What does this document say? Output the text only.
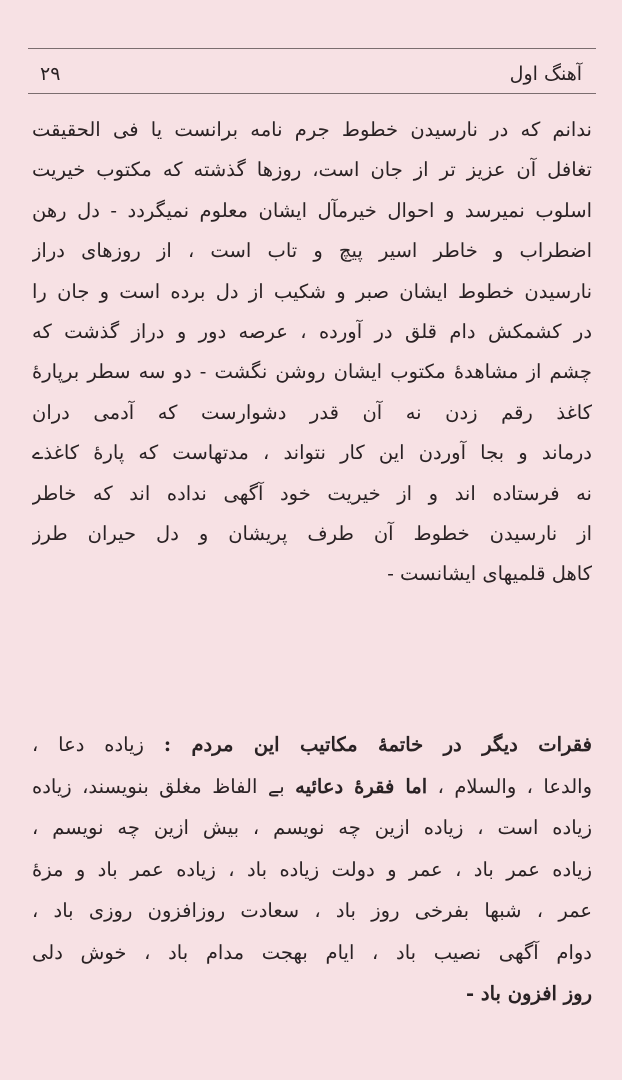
آهنگ اول
۲۹
ندانم که در نارسیدن خطوط جرم نامه برانست یا فی الحقیقت
تغافل آن عزیز تر از جان است، روزها گذشته که مکتوب خیریت
اسلوب نمیرسد و احوال خیرمآل ایشان معلوم نمیگردد - دل رهن
اضطراب و خاطر اسیر پیچ و تاب است ، از روزهای دراز
نارسیدن خطوط ایشان صبر و شکیب از دل برده است و جان را
در کشمکش دام قلق در آورده ، عرصه دور و دراز گذشت که
چشم از مشاهدهٔ مکتوب ایشان روشن نگشت - دو سه سطر برپارهٔ
کاغذ رقم زدن نه آن قدر دشوارست که آدمی دران
درماند و بجا آوردن این کار نتواند ، مدتهاست که پارهٔ کاغذے
نه فرستاده اند و از خیریت خود آگهی نداده اند که خاطر
از نارسیدن خطوط آن طرف پریشان و دل حیران طرز
کاهل قلمیهای ایشانست -
فقرات دیگر در خاتمهٔ مکاتیب این مردم : زیاده دعا ،
والدعا ، والسلام ، اما فقرهٔ دعائیه بے الفاظ مغلق بنویسند، زیاده
زیاده است ، زیاده ازین چه نویسم ، بیش ازین چه نویسم ،
زیاده عمر باد ، عمر و دولت زیاده باد ، زیاده عمر باد و مزهٔ
عمر ، شبها بفرخی روز باد ، سعادت روزافزون روزی باد ،
دوام آگهی نصیب باد ، ایام بهجت مدام باد ، خوش دلی
روز افزون باد -
